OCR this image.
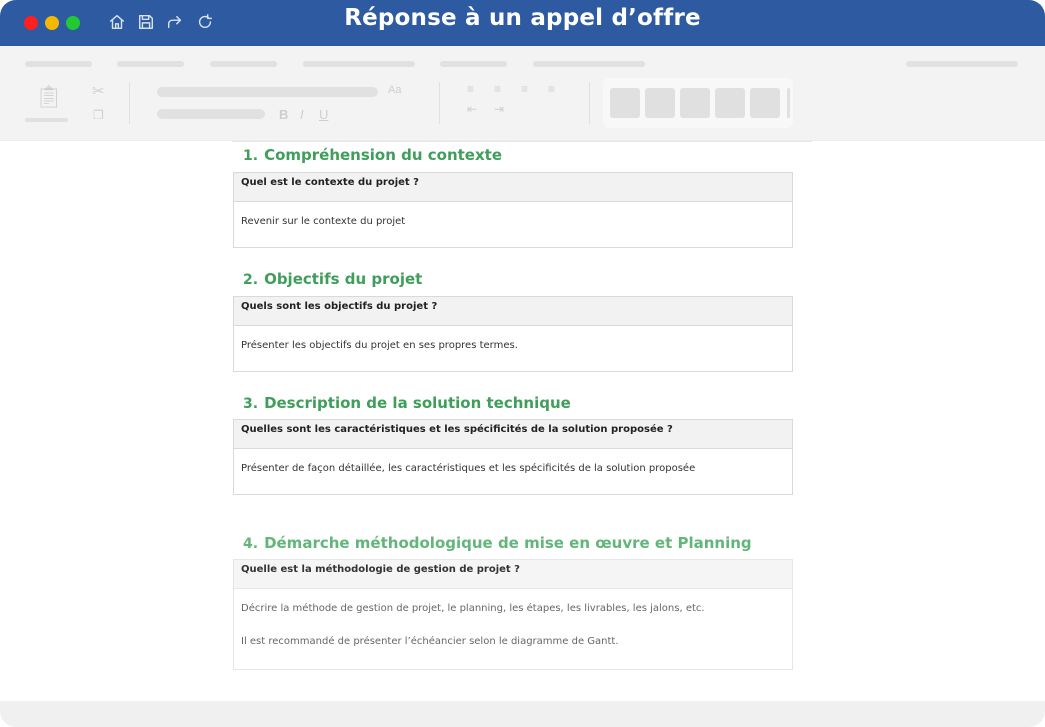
Réponse à un appel d’offre
📋︎ ✂
❐
Aa
B I U
≡ ≡ ≡ ≡
⇤ ⇥
1. Compréhension du contexte
Quel est le contexte du projet ?
Revenir sur le contexte du projet
2. Objectifs du projet
Quels sont les objectifs du projet ?
Présenter les objectifs du projet en ses propres termes.
3. Description de la solution technique
Quelles sont les caractéristiques et les spécificités de la solution proposée ?
Présenter de façon détaillée, les caractéristiques et les spécificités de la solution proposée
4. Démarche méthodologique de mise en œuvre et Planning
Quelle est la méthodologie de gestion de projet ?
Décrire la méthode de gestion de projet, le planning, les étapes, les livrables, les jalons, etc.
Il est recommandé de présenter l’échéancier selon le diagramme de Gantt.
